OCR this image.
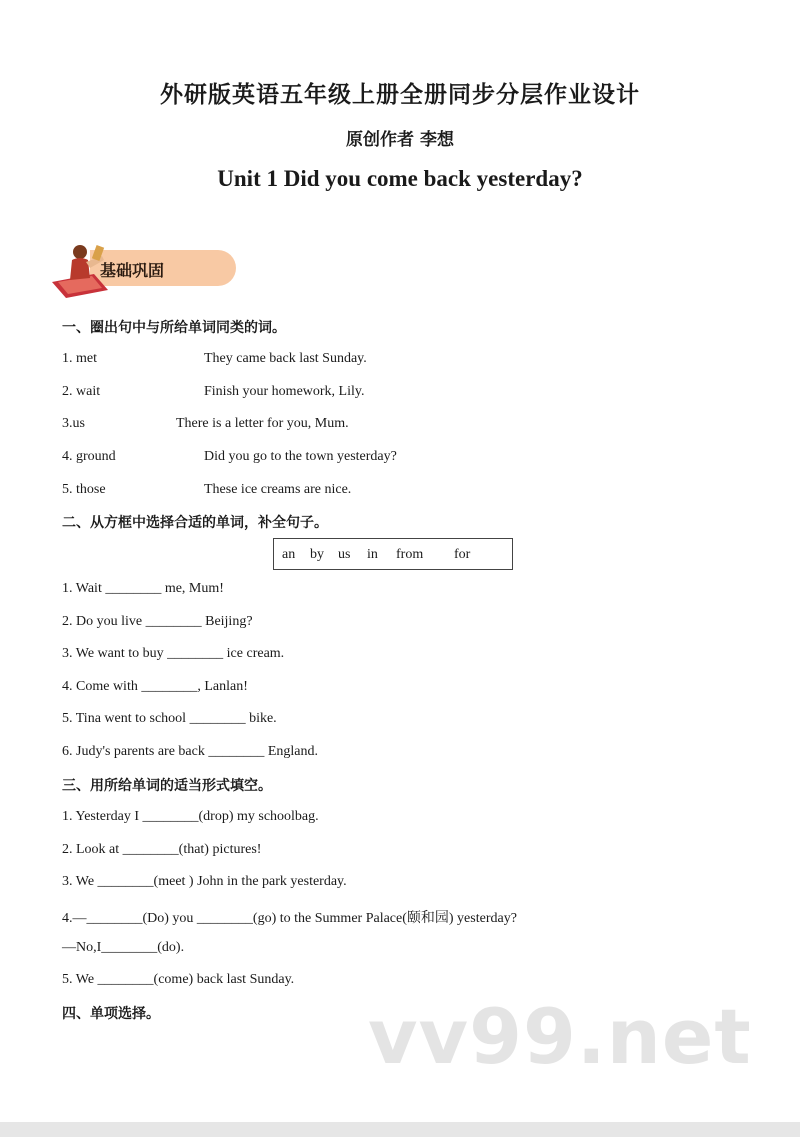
外研版英语五年级上册全册同步分层作业设计
原创作者 李想
Unit 1 Did you come back yesterday?
基础巩固
一、圈出句中与所给单词同类的词。
1. met	They came back last Sunday.
2. wait	Finish your homework, Lily.
3.us	There is a letter for you, Mum.
4. ground	Did you go to the town yesterday?
5. those	These ice creams are nice.
二、从方框中选择合适的单词，补全句子。
an by us in from for
1. Wait ________ me, Mum!
2. Do you live ________ Beijing?
3. We want to buy ________ ice cream.
4. Come with ________, Lanlan!
5. Tina went to school ________ bike.
6. Judy's parents are back ________ England.
三、用所给单词的适当形式填空。
1. Yesterday I ________(drop) my schoolbag.
2. Look at ________(that) pictures!
3. We ________(meet ) John in the park yesterday.
4.—________(Do) you ________(go) to the Summer Palace(颐和园) yesterday?
—No,I________(do).
5. We ________(come) back last Sunday.
四、单项选择。	vv99.net
